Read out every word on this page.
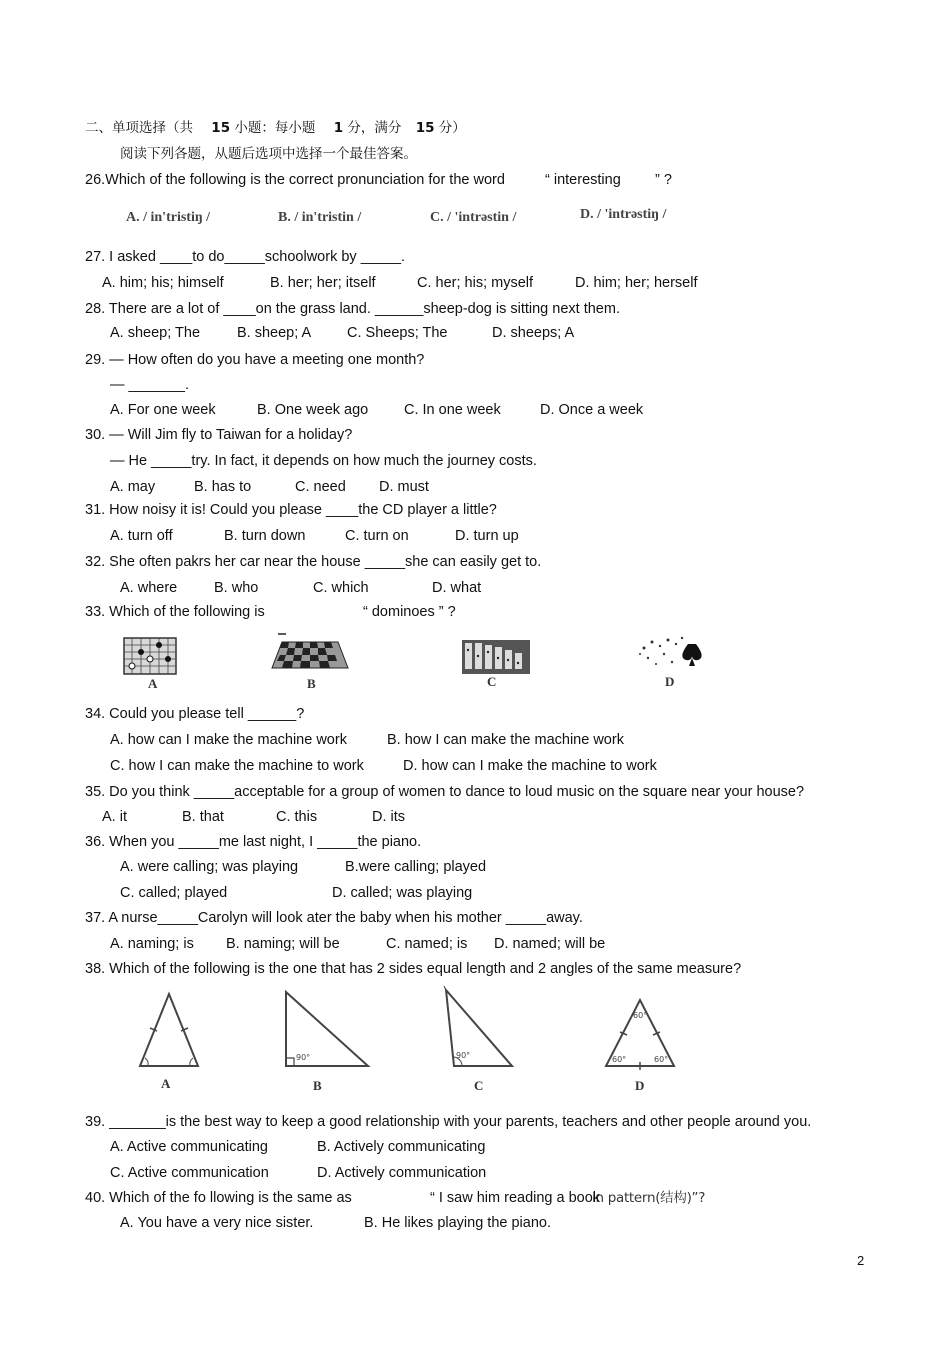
二、单项选择（共 15 小题：每小题 1 分，满分 15 分）
阅读下列各题，从题后选项中选择一个最佳答案。
26.Which of the following is the correct pronunciation for the word	“ interesting ” ?
A. / in'tristiŋ /	B. / in'tristin /	C. / 'intrəstin /	D. / 'intrəstiŋ /
27. I asked ____to do_____schoolwork by _____.
A. him; his; himself	B. her; her; itself	C. her; his; myself	D. him; her; herself
28. There are a lot of ____on the grass land. ______sheep-dog is sitting next them.
A. sheep; The	B. sheep; A C. Sheeps; The	D. sheeps; A
29. — How often do you have a meeting one month?
— _______.
A. For one week	B. One week ago C. In one week	D. Once a week
30. — Will Jim fly to Taiwan for a holiday?
— He _____try. In fact, it depends on how much the journey costs.
A. may	B. has to	C. need D. must
31. How noisy it is! Could you please ____the CD player a little?
A. turn off	B. turn down	C. turn on	D. turn up
32. She often pakrs her car near the house _____she can easily get to.
A. where	B. who	C. which	D. what
33. Which of the following is	“ dominoes ” ?
A	B	C	D
34. Could you please tell ______?
A. how can I make the machine work	B. how I can make the machine work
C. how I can make the machine to work	D. how can I make the machine to work
35. Do you think _____acceptable for a group of women to dance to loud music on the square near your house?
A. it	B. that	C. this	D. its
36. When you _____me last night, I _____the piano.
A. were calling; was playing	B.were calling; played
C. called; played	D. called; was playing
37. A nurse_____Carolyn will look ater the baby when his mother _____away.
A. naming; is B. naming; will be	C. named; is D. named; will be
38. Which of the following is the one that has 2 sides equal length and 2 angles of the same measure?
A
90°
B
90°
C
60°
60°	60°
D
39. _______is the best way to keep a good relationship with your parents, teachers and other people around you.
A. Active communicating	B. Actively communicating
C. Active communication	D. Actively communication
40. Which of the fo llowing is the same as	“ I saw him reading a book
in pattern(结构)”?
A. You have a very nice sister.	B. He likes playing the piano.
2
